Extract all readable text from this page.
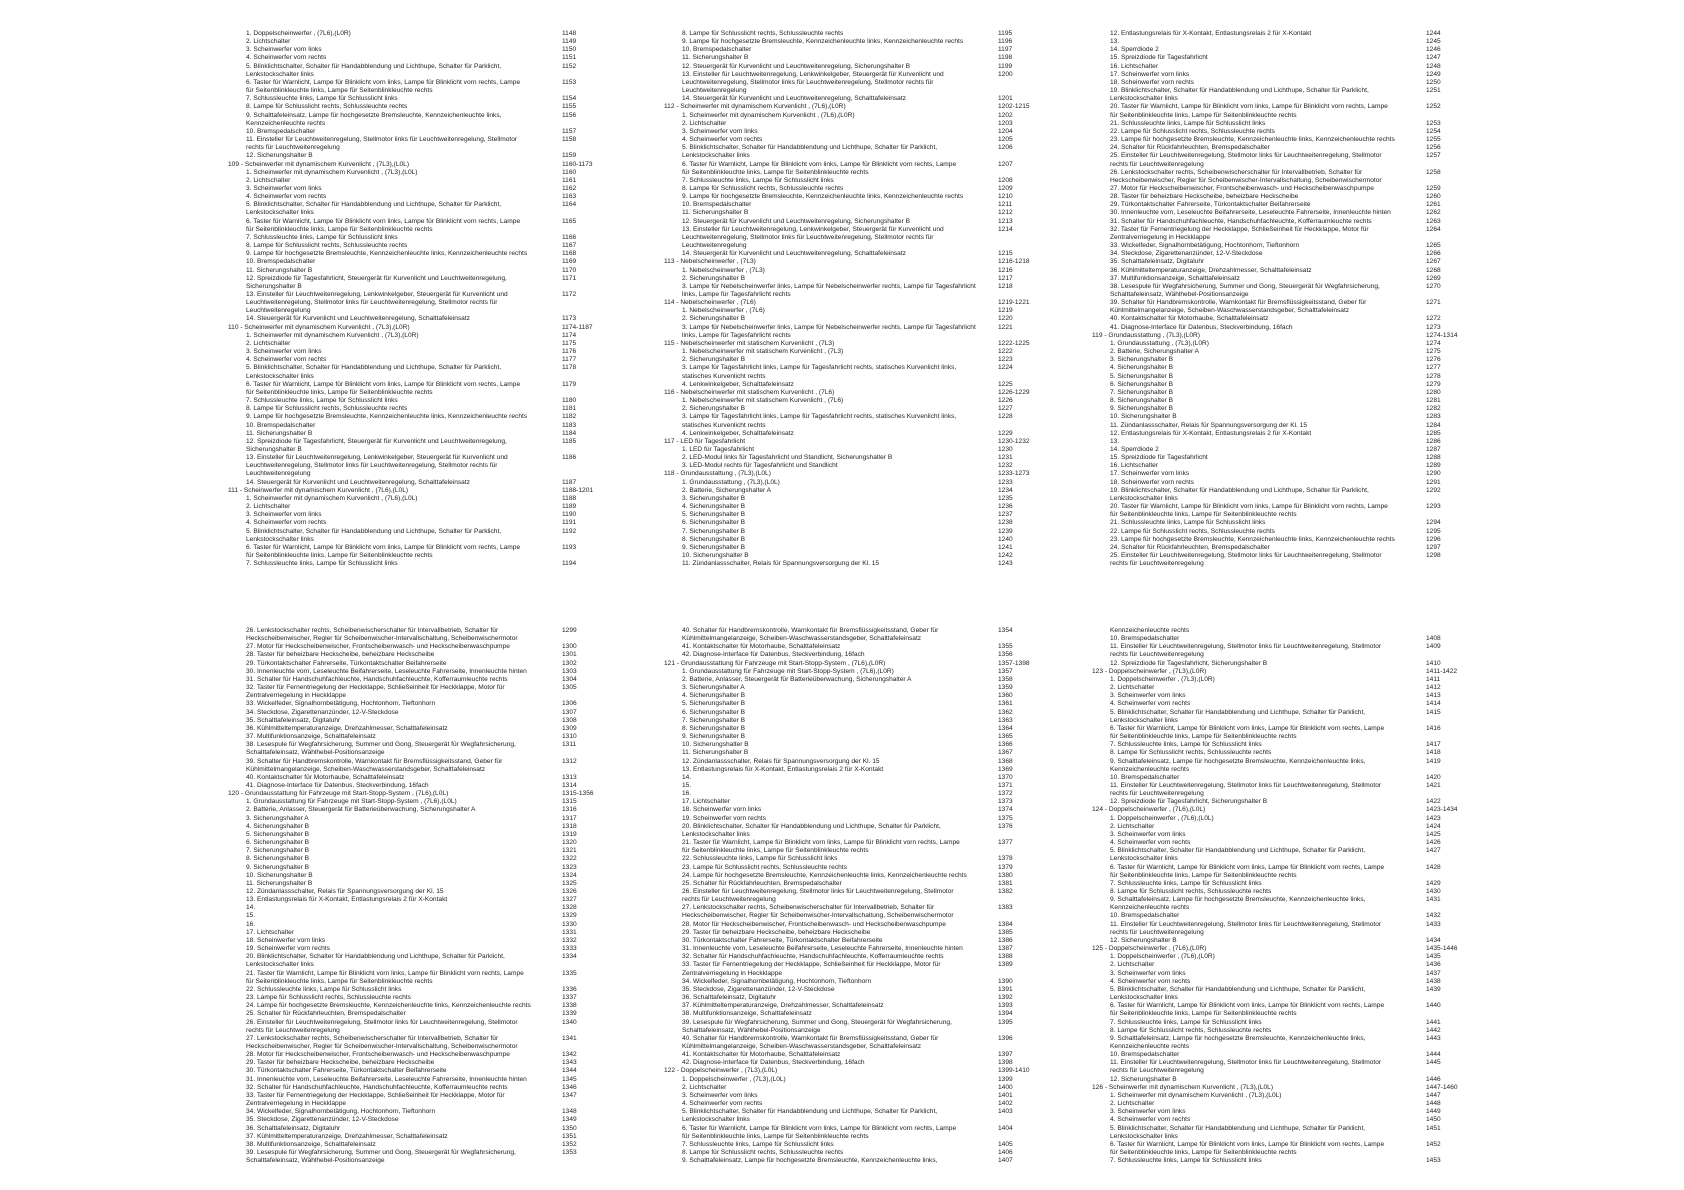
1. Doppelscheinwerfer , (7L6),(L0R)	1148
2. Lichtschalter	1149
3. Scheinwerfer vorn links	1150
4. Scheinwerfer vorn rechts	1151
5. Blinklichtschalter, Schalter für Handabblendung und Lichthupe, Schalter für Parklicht,	1152
Lenkstockschalter links
6. Taster für Warnlicht, Lampe für Blinklicht vorn links, Lampe für Blinklicht vorn rechts, Lampe	1153
für Seitenblinkleuchte links, Lampe für Seitenblinkleuchte rechts
7. Schlussleuchte links, Lampe für Schlusslicht links	1154
8. Lampe für Schlusslicht rechts, Schlussleuchte rechts	1155
9. Schalttafeleinsatz, Lampe für hochgesetzte Bremsleuchte, Kennzeichenleuchte links,	1156
Kennzeichenleuchte rechts
10. Bremspedalschalter	1157
11. Einsteller für Leuchtweitenregelung, Stellmotor links für Leuchtweitenregelung, Stellmotor	1158
rechts für Leuchtweitenregelung
12. Sicherungshalter B	1159
109 - Scheinwerfer mit dynamischem Kurvenlicht , (7L3),(L0L)	1160-1173
1. Scheinwerfer mit dynamischem Kurvenlicht , (7L3),(L0L)	1160
2. Lichtschalter	1161
3. Scheinwerfer vorn links	1162
4. Scheinwerfer vorn rechts	1163
5. Blinklichtschalter, Schalter für Handabblendung und Lichthupe, Schalter für Parklicht,	1164
Lenkstockschalter links
6. Taster für Warnlicht, Lampe für Blinklicht vorn links, Lampe für Blinklicht vorn rechts, Lampe	1165
für Seitenblinkleuchte links, Lampe für Seitenblinkleuchte rechts
7. Schlussleuchte links, Lampe für Schlusslicht links	1166
8. Lampe für Schlusslicht rechts, Schlussleuchte rechts	1167
9. Lampe für hochgesetzte Bremsleuchte, Kennzeichenleuchte links, Kennzeichenleuchte rechts	1168
10. Bremspedalschalter	1169
11. Sicherungshalter B	1170
12. Spreizdiode für Tagesfahrlicht, Steuergerät für Kurvenlicht und Leuchtweitenregelung,	1171
Sicherungshalter B
13. Einsteller für Leuchtweitenregelung, Lenkwinkelgeber, Steuergerät für Kurvenlicht und	1172
Leuchtweitenregelung, Stellmotor links für Leuchtweitenregelung, Stellmotor rechts für
Leuchtweitenregelung
14. Steuergerät für Kurvenlicht und Leuchtweitenregelung, Schalttafeleinsatz	1173
110 - Scheinwerfer mit dynamischem Kurvenlicht , (7L3),(L0R)	1174-1187
1. Scheinwerfer mit dynamischem Kurvenlicht , (7L3),(L0R)	1174
2. Lichtschalter	1175
3. Scheinwerfer vorn links	1176
4. Scheinwerfer vorn rechts	1177
5. Blinklichtschalter, Schalter für Handabblendung und Lichthupe, Schalter für Parklicht,	1178
Lenkstockschalter links
6. Taster für Warnlicht, Lampe für Blinklicht vorn links, Lampe für Blinklicht vorn rechts, Lampe	1179
für Seitenblinkleuchte links, Lampe für Seitenblinkleuchte rechts
7. Schlussleuchte links, Lampe für Schlusslicht links	1180
8. Lampe für Schlusslicht rechts, Schlussleuchte rechts	1181
9. Lampe für hochgesetzte Bremsleuchte, Kennzeichenleuchte links, Kennzeichenleuchte rechts	1182
10. Bremspedalschalter	1183
11. Sicherungshalter B	1184
12. Spreizdiode für Tagesfahrlicht, Steuergerät für Kurvenlicht und Leuchtweitenregelung,	1185
Sicherungshalter B
13. Einsteller für Leuchtweitenregelung, Lenkwinkelgeber, Steuergerät für Kurvenlicht und	1186
Leuchtweitenregelung, Stellmotor links für Leuchtweitenregelung, Stellmotor rechts für
Leuchtweitenregelung
14. Steuergerät für Kurvenlicht und Leuchtweitenregelung, Schalttafeleinsatz	1187
111 - Scheinwerfer mit dynamischem Kurvenlicht , (7L6),(L0L)	1188-1201
1. Scheinwerfer mit dynamischem Kurvenlicht , (7L6),(L0L)	1188
2. Lichtschalter	1189
3. Scheinwerfer vorn links	1190
4. Scheinwerfer vorn rechts	1191
5. Blinklichtschalter, Schalter für Handabblendung und Lichthupe, Schalter für Parklicht,	1192
Lenkstockschalter links
6. Taster für Warnlicht, Lampe für Blinklicht vorn links, Lampe für Blinklicht vorn rechts, Lampe	1193
für Seitenblinkleuchte links, Lampe für Seitenblinkleuchte rechts
7. Schlussleuchte links, Lampe für Schlusslicht links	1194
8. Lampe für Schlusslicht rechts, Schlussleuchte rechts	1195
9. Lampe für hochgesetzte Bremsleuchte, Kennzeichenleuchte links, Kennzeichenleuchte rechts	1196
10. Bremspedalschalter	1197
11. Sicherungshalter B	1198
12. Steuergerät für Kurvenlicht und Leuchtweitenregelung, Sicherungshalter B	1199
13. Einsteller für Leuchtweitenregelung, Lenkwinkelgeber, Steuergerät für Kurvenlicht und	1200
Leuchtweitenregelung, Stellmotor links für Leuchtweitenregelung, Stellmotor rechts für
Leuchtweitenregelung
14. Steuergerät für Kurvenlicht und Leuchtweitenregelung, Schalttafeleinsatz	1201
112 - Scheinwerfer mit dynamischem Kurvenlicht , (7L6),(L0R)	1202-1215
1. Scheinwerfer mit dynamischem Kurvenlicht , (7L6),(L0R)	1202
2. Lichtschalter	1203
3. Scheinwerfer vorn links	1204
4. Scheinwerfer vorn rechts	1205
5. Blinklichtschalter, Schalter für Handabblendung und Lichthupe, Schalter für Parklicht,	1206
Lenkstockschalter links
6. Taster für Warnlicht, Lampe für Blinklicht vorn links, Lampe für Blinklicht vorn rechts, Lampe	1207
für Seitenblinkleuchte links, Lampe für Seitenblinkleuchte rechts
7. Schlussleuchte links, Lampe für Schlusslicht links	1208
8. Lampe für Schlusslicht rechts, Schlussleuchte rechts	1209
9. Lampe für hochgesetzte Bremsleuchte, Kennzeichenleuchte links, Kennzeichenleuchte rechts	1210
10. Bremspedalschalter	1211
11. Sicherungshalter B	1212
12. Steuergerät für Kurvenlicht und Leuchtweitenregelung, Sicherungshalter B	1213
13. Einsteller für Leuchtweitenregelung, Lenkwinkelgeber, Steuergerät für Kurvenlicht und	1214
Leuchtweitenregelung, Stellmotor links für Leuchtweitenregelung, Stellmotor rechts für
Leuchtweitenregelung
14. Steuergerät für Kurvenlicht und Leuchtweitenregelung, Schalttafeleinsatz	1215
113 - Nebelscheinwerfer , (7L3)	1216-1218
1. Nebelscheinwerfer , (7L3)	1216
2. Sicherungshalter B	1217
3. Lampe für Nebelscheinwerfer links, Lampe für Nebelscheinwerfer rechts, Lampe für Tagesfahrlicht	1218
links, Lampe für Tagesfahrlicht rechts
114 - Nebelscheinwerfer , (7L6)	1219-1221
1. Nebelscheinwerfer , (7L6)	1219
2. Sicherungshalter B	1220
3. Lampe für Nebelscheinwerfer links, Lampe für Nebelscheinwerfer rechts, Lampe für Tagesfahrlicht	1221
links, Lampe für Tagesfahrlicht rechts
115 - Nebelscheinwerfer mit statischem Kurvenlicht , (7L3)	1222-1225
1. Nebelscheinwerfer mit statischem Kurvenlicht , (7L3)	1222
2. Sicherungshalter B	1223
3. Lampe für Tagesfahrlicht links, Lampe für Tagesfahrlicht rechts, statisches Kurvenlicht links,	1224
statisches Kurvenlicht rechts
4. Lenkwinkelgeber, Schalttafeleinsatz	1225
116 - Nebelscheinwerfer mit statischem Kurvenlicht , (7L6)	1226-1229
1. Nebelscheinwerfer mit statischem Kurvenlicht , (7L6)	1226
2. Sicherungshalter B	1227
3. Lampe für Tagesfahrlicht links, Lampe für Tagesfahrlicht rechts, statisches Kurvenlicht links,	1228
statisches Kurvenlicht rechts
4. Lenkwinkelgeber, Schalttafeleinsatz	1229
117 - LED für Tagesfahrlicht	1230-1232
1. LED für Tagesfahrlicht	1230
2. LED-Modul links für Tagesfahrlicht und Standlicht, Sicherungshalter B	1231
3. LED-Modul rechts für Tagesfahrlicht und Standlicht	1232
118 - Grundausstattung , (7L3),(L0L)	1233-1273
1. Grundausstattung , (7L3),(L0L)	1233
2. Batterie, Sicherungshalter A	1234
3. Sicherungshalter B	1235
4. Sicherungshalter B	1236
5. Sicherungshalter B	1237
6. Sicherungshalter B	1238
7. Sicherungshalter B	1239
8. Sicherungshalter B	1240
9. Sicherungshalter B	1241
10. Sicherungshalter B	1242
11. Zündanlassschalter, Relais für Spannungsversorgung der Kl. 15	1243
12. Entlastungsrelais für X-Kontakt, Entlastungsrelais 2 für X-Kontakt	1244
13.	1245
14. Sperrdiode 2	1246
15. Spreizdiode für Tagesfahrlicht	1247
16. Lichtschalter	1248
17. Scheinwerfer vorn links	1249
18. Scheinwerfer vorn rechts	1250
19. Blinklichtschalter, Schalter für Handabblendung und Lichthupe, Schalter für Parklicht,	1251
Lenkstockschalter links
20. Taster für Warnlicht, Lampe für Blinklicht vorn links, Lampe für Blinklicht vorn rechts, Lampe	1252
für Seitenblinkleuchte links, Lampe für Seitenblinkleuchte rechts
21. Schlussleuchte links, Lampe für Schlusslicht links	1253
22. Lampe für Schlusslicht rechts, Schlussleuchte rechts	1254
23. Lampe für hochgesetzte Bremsleuchte, Kennzeichenleuchte links, Kennzeichenleuchte rechts	1255
24. Schalter für Rückfahrleuchten, Bremspedalschalter	1256
25. Einsteller für Leuchtweitenregelung, Stellmotor links für Leuchtweitenregelung, Stellmotor	1257
rechts für Leuchtweitenregelung
26. Lenkstockschalter rechts, Scheibenwischerschalter für Intervallbetrieb, Schalter für	1258
Heckscheibenwischer, Regler für Scheibenwischer-Intervallschaltung, Scheibenwischermotor
27. Motor für Heckscheibenwischer, Frontscheibenwasch- und Heckscheibenwaschpumpe	1259
28. Taster für beheizbare Heckscheibe, beheizbare Heckscheibe	1260
29. Türkontaktschalter Fahrerseite, Türkontaktschalter Beifahrerseite	1261
30. Innenleuchte vorn, Leseleuchte Beifahrerseite, Leseleuchte Fahrerseite, Innenleuchte hinten	1262
31. Schalter für Handschuhfachleuchte, Handschuhfachleuchte, Kofferraumleuchte rechts	1263
32. Taster für Fernentriegelung der Heckklappe, Schließeinheit für Heckklappe, Motor für	1264
Zentralverriegelung in Heckklappe
33. Wickelfeder, Signalhornbetätigung, Hochtonhorn, Tieftonhorn	1265
34. Steckdose, Zigarettenanzünder, 12-V-Steckdose	1266
35. Schalttafeleinsatz, Digitaluhr	1267
36. Kühlmitteltemperaturanzeige, Drehzahlmesser, Schalttafeleinsatz	1268
37. Multifunktionsanzeige, Schalttafeleinsatz	1269
38. Lesespule für Wegfahrsicherung, Summer und Gong, Steuergerät für Wegfahrsicherung,	1270
Schalttafeleinsatz, Wählhebel-Positionsanzeige
39. Schalter für Handbremskontrolle, Warnkontakt für Bremsflüssigkeitsstand, Geber für	1271
Kühlmittelmangelanzeige, Scheiben-Waschwasserstandsgeber, Schalttafeleinsatz
40. Kontaktschalter für Motorhaube, Schalttafeleinsatz	1272
41. Diagnose-Interface für Datenbus, Steckverbindung, 16fach	1273
119 - Grundausstattung , (7L3),(L0R)	1274-1314
1. Grundausstattung , (7L3),(L0R)	1274
2. Batterie, Sicherungshalter A	1275
3. Sicherungshalter B	1276
4. Sicherungshalter B	1277
5. Sicherungshalter B	1278
6. Sicherungshalter B	1279
7. Sicherungshalter B	1280
8. Sicherungshalter B	1281
9. Sicherungshalter B	1282
10. Sicherungshalter B	1283
11. Zündanlassschalter, Relais für Spannungsversorgung der Kl. 15	1284
12. Entlastungsrelais für X-Kontakt, Entlastungsrelais 2 für X-Kontakt	1285
13.	1286
14. Sperrdiode 2	1287
15. Spreizdiode für Tagesfahrlicht	1288
16. Lichtschalter	1289
17. Scheinwerfer vorn links	1290
18. Scheinwerfer vorn rechts	1291
19. Blinklichtschalter, Schalter für Handabblendung und Lichthupe, Schalter für Parklicht,	1292
Lenkstockschalter links
20. Taster für Warnlicht, Lampe für Blinklicht vorn links, Lampe für Blinklicht vorn rechts, Lampe	1293
für Seitenblinkleuchte links, Lampe für Seitenblinkleuchte rechts
21. Schlussleuchte links, Lampe für Schlusslicht links	1294
22. Lampe für Schlusslicht rechts, Schlussleuchte rechts	1295
23. Lampe für hochgesetzte Bremsleuchte, Kennzeichenleuchte links, Kennzeichenleuchte rechts	1296
24. Schalter für Rückfahrleuchten, Bremspedalschalter	1297
25. Einsteller für Leuchtweitenregelung, Stellmotor links für Leuchtweitenregelung, Stellmotor	1298
rechts für Leuchtweitenregelung
26. Lenkstockschalter rechts, Scheibenwischerschalter für Intervallbetrieb, Schalter für	1299
Heckscheibenwischer, Regler für Scheibenwischer-Intervallschaltung, Scheibenwischermotor
27. Motor für Heckscheibenwischer, Frontscheibenwasch- und Heckscheibenwaschpumpe	1300
28. Taster für beheizbare Heckscheibe, beheizbare Heckscheibe	1301
29. Türkontaktschalter Fahrerseite, Türkontaktschalter Beifahrerseite	1302
30. Innenleuchte vorn, Leseleuchte Beifahrerseite, Leseleuchte Fahrerseite, Innenleuchte hinten	1303
31. Schalter für Handschuhfachleuchte, Handschuhfachleuchte, Kofferraumleuchte rechts	1304
32. Taster für Fernentriegelung der Heckklappe, Schließeinheit für Heckklappe, Motor für	1305
Zentralverriegelung in Heckklappe
33. Wickelfeder, Signalhornbetätigung, Hochtonhorn, Tieftonhorn	1306
34. Steckdose, Zigarettenanzünder, 12-V-Steckdose	1307
35. Schalttafeleinsatz, Digitaluhr	1308
36. Kühlmitteltemperaturanzeige, Drehzahlmesser, Schalttafeleinsatz	1309
37. Multifunktionsanzeige, Schalttafeleinsatz	1310
38. Lesespule für Wegfahrsicherung, Summer und Gong, Steuergerät für Wegfahrsicherung,	1311
Schalttafeleinsatz, Wählhebel-Positionsanzeige
39. Schalter für Handbremskontrolle, Warnkontakt für Bremsflüssigkeitsstand, Geber für	1312
Kühlmittelmangelanzeige, Scheiben-Waschwasserstandsgeber, Schalttafeleinsatz
40. Kontaktschalter für Motorhaube, Schalttafeleinsatz	1313
41. Diagnose-Interface für Datenbus, Steckverbindung, 16fach	1314
120 - Grundausstattung für Fahrzeuge mit Start-Stopp-System , (7L6),(L0L)	1315-1356
1. Grundausstattung für Fahrzeuge mit Start-Stopp-System , (7L6),(L0L)	1315
2. Batterie, Anlasser, Steuergerät für Batterieüberwachung, Sicherungshalter A	1316
3. Sicherungshalter A	1317
4. Sicherungshalter B	1318
5. Sicherungshalter B	1319
6. Sicherungshalter B	1320
7. Sicherungshalter B	1321
8. Sicherungshalter B	1322
9. Sicherungshalter B	1323
10. Sicherungshalter B	1324
11. Sicherungshalter B	1325
12. Zündanlassschalter, Relais für Spannungsversorgung der Kl. 15	1326
13. Entlastungsrelais für X-Kontakt, Entlastungsrelais 2 für X-Kontakt	1327
14.	1328
15.	1329
16.	1330
17. Lichtschalter	1331
18. Scheinwerfer vorn links	1332
19. Scheinwerfer vorn rechts	1333
20. Blinklichtschalter, Schalter für Handabblendung und Lichthupe, Schalter für Parklicht,	1334
Lenkstockschalter links
21. Taster für Warnlicht, Lampe für Blinklicht vorn links, Lampe für Blinklicht vorn rechts, Lampe	1335
für Seitenblinkleuchte links, Lampe für Seitenblinkleuchte rechts
22. Schlussleuchte links, Lampe für Schlusslicht links	1336
23. Lampe für Schlusslicht rechts, Schlussleuchte rechts	1337
24. Lampe für hochgesetzte Bremsleuchte, Kennzeichenleuchte links, Kennzeichenleuchte rechts	1338
25. Schalter für Rückfahrleuchten, Bremspedalschalter	1339
26. Einsteller für Leuchtweitenregelung, Stellmotor links für Leuchtweitenregelung, Stellmotor	1340
rechts für Leuchtweitenregelung
27. Lenkstockschalter rechts, Scheibenwischerschalter für Intervallbetrieb, Schalter für	1341
Heckscheibenwischer, Regler für Scheibenwischer-Intervallschaltung, Scheibenwischermotor
28. Motor für Heckscheibenwischer, Frontscheibenwasch- und Heckscheibenwaschpumpe	1342
29. Taster für beheizbare Heckscheibe, beheizbare Heckscheibe	1343
30. Türkontaktschalter Fahrerseite, Türkontaktschalter Beifahrerseite	1344
31. Innenleuchte vorn, Leseleuchte Beifahrerseite, Leseleuchte Fahrerseite, Innenleuchte hinten	1345
32. Schalter für Handschuhfachleuchte, Handschuhfachleuchte, Kofferraumleuchte rechts	1346
33. Taster für Fernentriegelung der Heckklappe, Schließeinheit für Heckklappe, Motor für	1347
Zentralverriegelung in Heckklappe
34. Wickelfeder, Signalhornbetätigung, Hochtonhorn, Tieftonhorn	1348
35. Steckdose, Zigarettenanzünder, 12-V-Steckdose	1349
36. Schalttafeleinsatz, Digitaluhr	1350
37. Kühlmitteltemperaturanzeige, Drehzahlmesser, Schalttafeleinsatz	1351
38. Multifunktionsanzeige, Schalttafeleinsatz	1352
39. Lesespule für Wegfahrsicherung, Summer und Gong, Steuergerät für Wegfahrsicherung,	1353
Schalttafeleinsatz, Wählhebel-Positionsanzeige
40. Schalter für Handbremskontrolle, Warnkontakt für Bremsflüssigkeitsstand, Geber für	1354
Kühlmittelmangelanzeige, Scheiben-Waschwasserstandsgeber, Schalttafeleinsatz
41. Kontaktschalter für Motorhaube, Schalttafeleinsatz	1355
42. Diagnose-Interface für Datenbus, Steckverbindung, 16fach	1356
121 - Grundausstattung für Fahrzeuge mit Start-Stopp-System , (7L6),(L0R)	1357-1398
1. Grundausstattung für Fahrzeuge mit Start-Stopp-System , (7L6),(L0R)	1357
2. Batterie, Anlasser, Steuergerät für Batterieüberwachung, Sicherungshalter A	1358
3. Sicherungshalter A	1359
4. Sicherungshalter B	1360
5. Sicherungshalter B	1361
6. Sicherungshalter B	1362
7. Sicherungshalter B	1363
8. Sicherungshalter B	1364
9. Sicherungshalter B	1365
10. Sicherungshalter B	1366
11. Sicherungshalter B	1367
12. Zündanlassschalter, Relais für Spannungsversorgung der Kl. 15	1368
13. Entlastungsrelais für X-Kontakt, Entlastungsrelais 2 für X-Kontakt	1369
14.	1370
15.	1371
16.	1372
17. Lichtschalter	1373
18. Scheinwerfer vorn links	1374
19. Scheinwerfer vorn rechts	1375
20. Blinklichtschalter, Schalter für Handabblendung und Lichthupe, Schalter für Parklicht,	1376
Lenkstockschalter links
21. Taster für Warnlicht, Lampe für Blinklicht vorn links, Lampe für Blinklicht vorn rechts, Lampe	1377
für Seitenblinkleuchte links, Lampe für Seitenblinkleuchte rechts
22. Schlussleuchte links, Lampe für Schlusslicht links	1378
23. Lampe für Schlusslicht rechts, Schlussleuchte rechts	1379
24. Lampe für hochgesetzte Bremsleuchte, Kennzeichenleuchte links, Kennzeichenleuchte rechts	1380
25. Schalter für Rückfahrleuchten, Bremspedalschalter	1381
26. Einsteller für Leuchtweitenregelung, Stellmotor links für Leuchtweitenregelung, Stellmotor	1382
rechts für Leuchtweitenregelung
27. Lenkstockschalter rechts, Scheibenwischerschalter für Intervallbetrieb, Schalter für	1383
Heckscheibenwischer, Regler für Scheibenwischer-Intervallschaltung, Scheibenwischermotor
28. Motor für Heckscheibenwischer, Frontscheibenwasch- und Heckscheibenwaschpumpe	1384
29. Taster für beheizbare Heckscheibe, beheizbare Heckscheibe	1385
30. Türkontaktschalter Fahrerseite, Türkontaktschalter Beifahrerseite	1386
31. Innenleuchte vorn, Leseleuchte Beifahrerseite, Leseleuchte Fahrerseite, Innenleuchte hinten	1387
32. Schalter für Handschuhfachleuchte, Handschuhfachleuchte, Kofferraumleuchte rechts	1388
33. Taster für Fernentriegelung der Heckklappe, Schließeinheit für Heckklappe, Motor für	1389
Zentralverriegelung in Heckklappe
34. Wickelfeder, Signalhornbetätigung, Hochtonhorn, Tieftonhorn	1390
35. Steckdose, Zigarettenanzünder, 12-V-Steckdose	1391
36. Schalttafeleinsatz, Digitaluhr	1392
37. Kühlmitteltemperaturanzeige, Drehzahlmesser, Schalttafeleinsatz	1393
38. Multifunktionsanzeige, Schalttafeleinsatz	1394
39. Lesespule für Wegfahrsicherung, Summer und Gong, Steuergerät für Wegfahrsicherung,	1395
Schalttafeleinsatz, Wählhebel-Positionsanzeige
40. Schalter für Handbremskontrolle, Warnkontakt für Bremsflüssigkeitsstand, Geber für	1396
Kühlmittelmangelanzeige, Scheiben-Waschwasserstandsgeber, Schalttafeleinsatz
41. Kontaktschalter für Motorhaube, Schalttafeleinsatz	1397
42. Diagnose-Interface für Datenbus, Steckverbindung, 16fach	1398
122 - Doppelscheinwerfer , (7L3),(L0L)	1399-1410
1. Doppelscheinwerfer , (7L3),(L0L)	1399
2. Lichtschalter	1400
3. Scheinwerfer vorn links	1401
4. Scheinwerfer vorn rechts	1402
5. Blinklichtschalter, Schalter für Handabblendung und Lichthupe, Schalter für Parklicht,	1403
Lenkstockschalter links
6. Taster für Warnlicht, Lampe für Blinklicht vorn links, Lampe für Blinklicht vorn rechts, Lampe	1404
für Seitenblinkleuchte links, Lampe für Seitenblinkleuchte rechts
7. Schlussleuchte links, Lampe für Schlusslicht links	1405
8. Lampe für Schlusslicht rechts, Schlussleuchte rechts	1406
9. Schalttafeleinsatz, Lampe für hochgesetzte Bremsleuchte, Kennzeichenleuchte links,	1407
Kennzeichenleuchte rechts
10. Bremspedalschalter	1408
11. Einsteller für Leuchtweitenregelung, Stellmotor links für Leuchtweitenregelung, Stellmotor	1409
rechts für Leuchtweitenregelung
12. Spreizdiode für Tagesfahrlicht, Sicherungshalter B	1410
123 - Doppelscheinwerfer , (7L3),(L0R)	1411-1422
1. Doppelscheinwerfer , (7L3),(L0R)	1411
2. Lichtschalter	1412
3. Scheinwerfer vorn links	1413
4. Scheinwerfer vorn rechts	1414
5. Blinklichtschalter, Schalter für Handabblendung und Lichthupe, Schalter für Parklicht,	1415
Lenkstockschalter links
6. Taster für Warnlicht, Lampe für Blinklicht vorn links, Lampe für Blinklicht vorn rechts, Lampe	1416
für Seitenblinkleuchte links, Lampe für Seitenblinkleuchte rechts
7. Schlussleuchte links, Lampe für Schlusslicht links	1417
8. Lampe für Schlusslicht rechts, Schlussleuchte rechts	1418
9. Schalttafeleinsatz, Lampe für hochgesetzte Bremsleuchte, Kennzeichenleuchte links,	1419
Kennzeichenleuchte rechts
10. Bremspedalschalter	1420
11. Einsteller für Leuchtweitenregelung, Stellmotor links für Leuchtweitenregelung, Stellmotor	1421
rechts für Leuchtweitenregelung
12. Spreizdiode für Tagesfahrlicht, Sicherungshalter B	1422
124 - Doppelscheinwerfer , (7L6),(L0L)	1423-1434
1. Doppelscheinwerfer , (7L6),(L0L)	1423
2. Lichtschalter	1424
3. Scheinwerfer vorn links	1425
4. Scheinwerfer vorn rechts	1426
5. Blinklichtschalter, Schalter für Handabblendung und Lichthupe, Schalter für Parklicht,	1427
Lenkstockschalter links
6. Taster für Warnlicht, Lampe für Blinklicht vorn links, Lampe für Blinklicht vorn rechts, Lampe	1428
für Seitenblinkleuchte links, Lampe für Seitenblinkleuchte rechts
7. Schlussleuchte links, Lampe für Schlusslicht links	1429
8. Lampe für Schlusslicht rechts, Schlussleuchte rechts	1430
9. Schalttafeleinsatz, Lampe für hochgesetzte Bremsleuchte, Kennzeichenleuchte links,	1431
Kennzeichenleuchte rechts
10. Bremspedalschalter	1432
11. Einsteller für Leuchtweitenregelung, Stellmotor links für Leuchtweitenregelung, Stellmotor	1433
rechts für Leuchtweitenregelung
12. Sicherungshalter B	1434
125 - Doppelscheinwerfer , (7L6),(L0R)	1435-1446
1. Doppelscheinwerfer , (7L6),(L0R)	1435
2. Lichtschalter	1436
3. Scheinwerfer vorn links	1437
4. Scheinwerfer vorn rechts	1438
5. Blinklichtschalter, Schalter für Handabblendung und Lichthupe, Schalter für Parklicht,	1439
Lenkstockschalter links
6. Taster für Warnlicht, Lampe für Blinklicht vorn links, Lampe für Blinklicht vorn rechts, Lampe	1440
für Seitenblinkleuchte links, Lampe für Seitenblinkleuchte rechts
7. Schlussleuchte links, Lampe für Schlusslicht links	1441
8. Lampe für Schlusslicht rechts, Schlussleuchte rechts	1442
9. Schalttafeleinsatz, Lampe für hochgesetzte Bremsleuchte, Kennzeichenleuchte links,	1443
Kennzeichenleuchte rechts
10. Bremspedalschalter	1444
11. Einsteller für Leuchtweitenregelung, Stellmotor links für Leuchtweitenregelung, Stellmotor	1445
rechts für Leuchtweitenregelung
12. Sicherungshalter B	1446
126 - Scheinwerfer mit dynamischem Kurvenlicht , (7L3),(L0L)	1447-1460
1. Scheinwerfer mit dynamischem Kurvenlicht , (7L3),(L0L)	1447
2. Lichtschalter	1448
3. Scheinwerfer vorn links	1449
4. Scheinwerfer vorn rechts	1450
5. Blinklichtschalter, Schalter für Handabblendung und Lichthupe, Schalter für Parklicht,	1451
Lenkstockschalter links
6. Taster für Warnlicht, Lampe für Blinklicht vorn links, Lampe für Blinklicht vorn rechts, Lampe	1452
für Seitenblinkleuchte links, Lampe für Seitenblinkleuchte rechts
7. Schlussleuchte links, Lampe für Schlusslicht links	1453
